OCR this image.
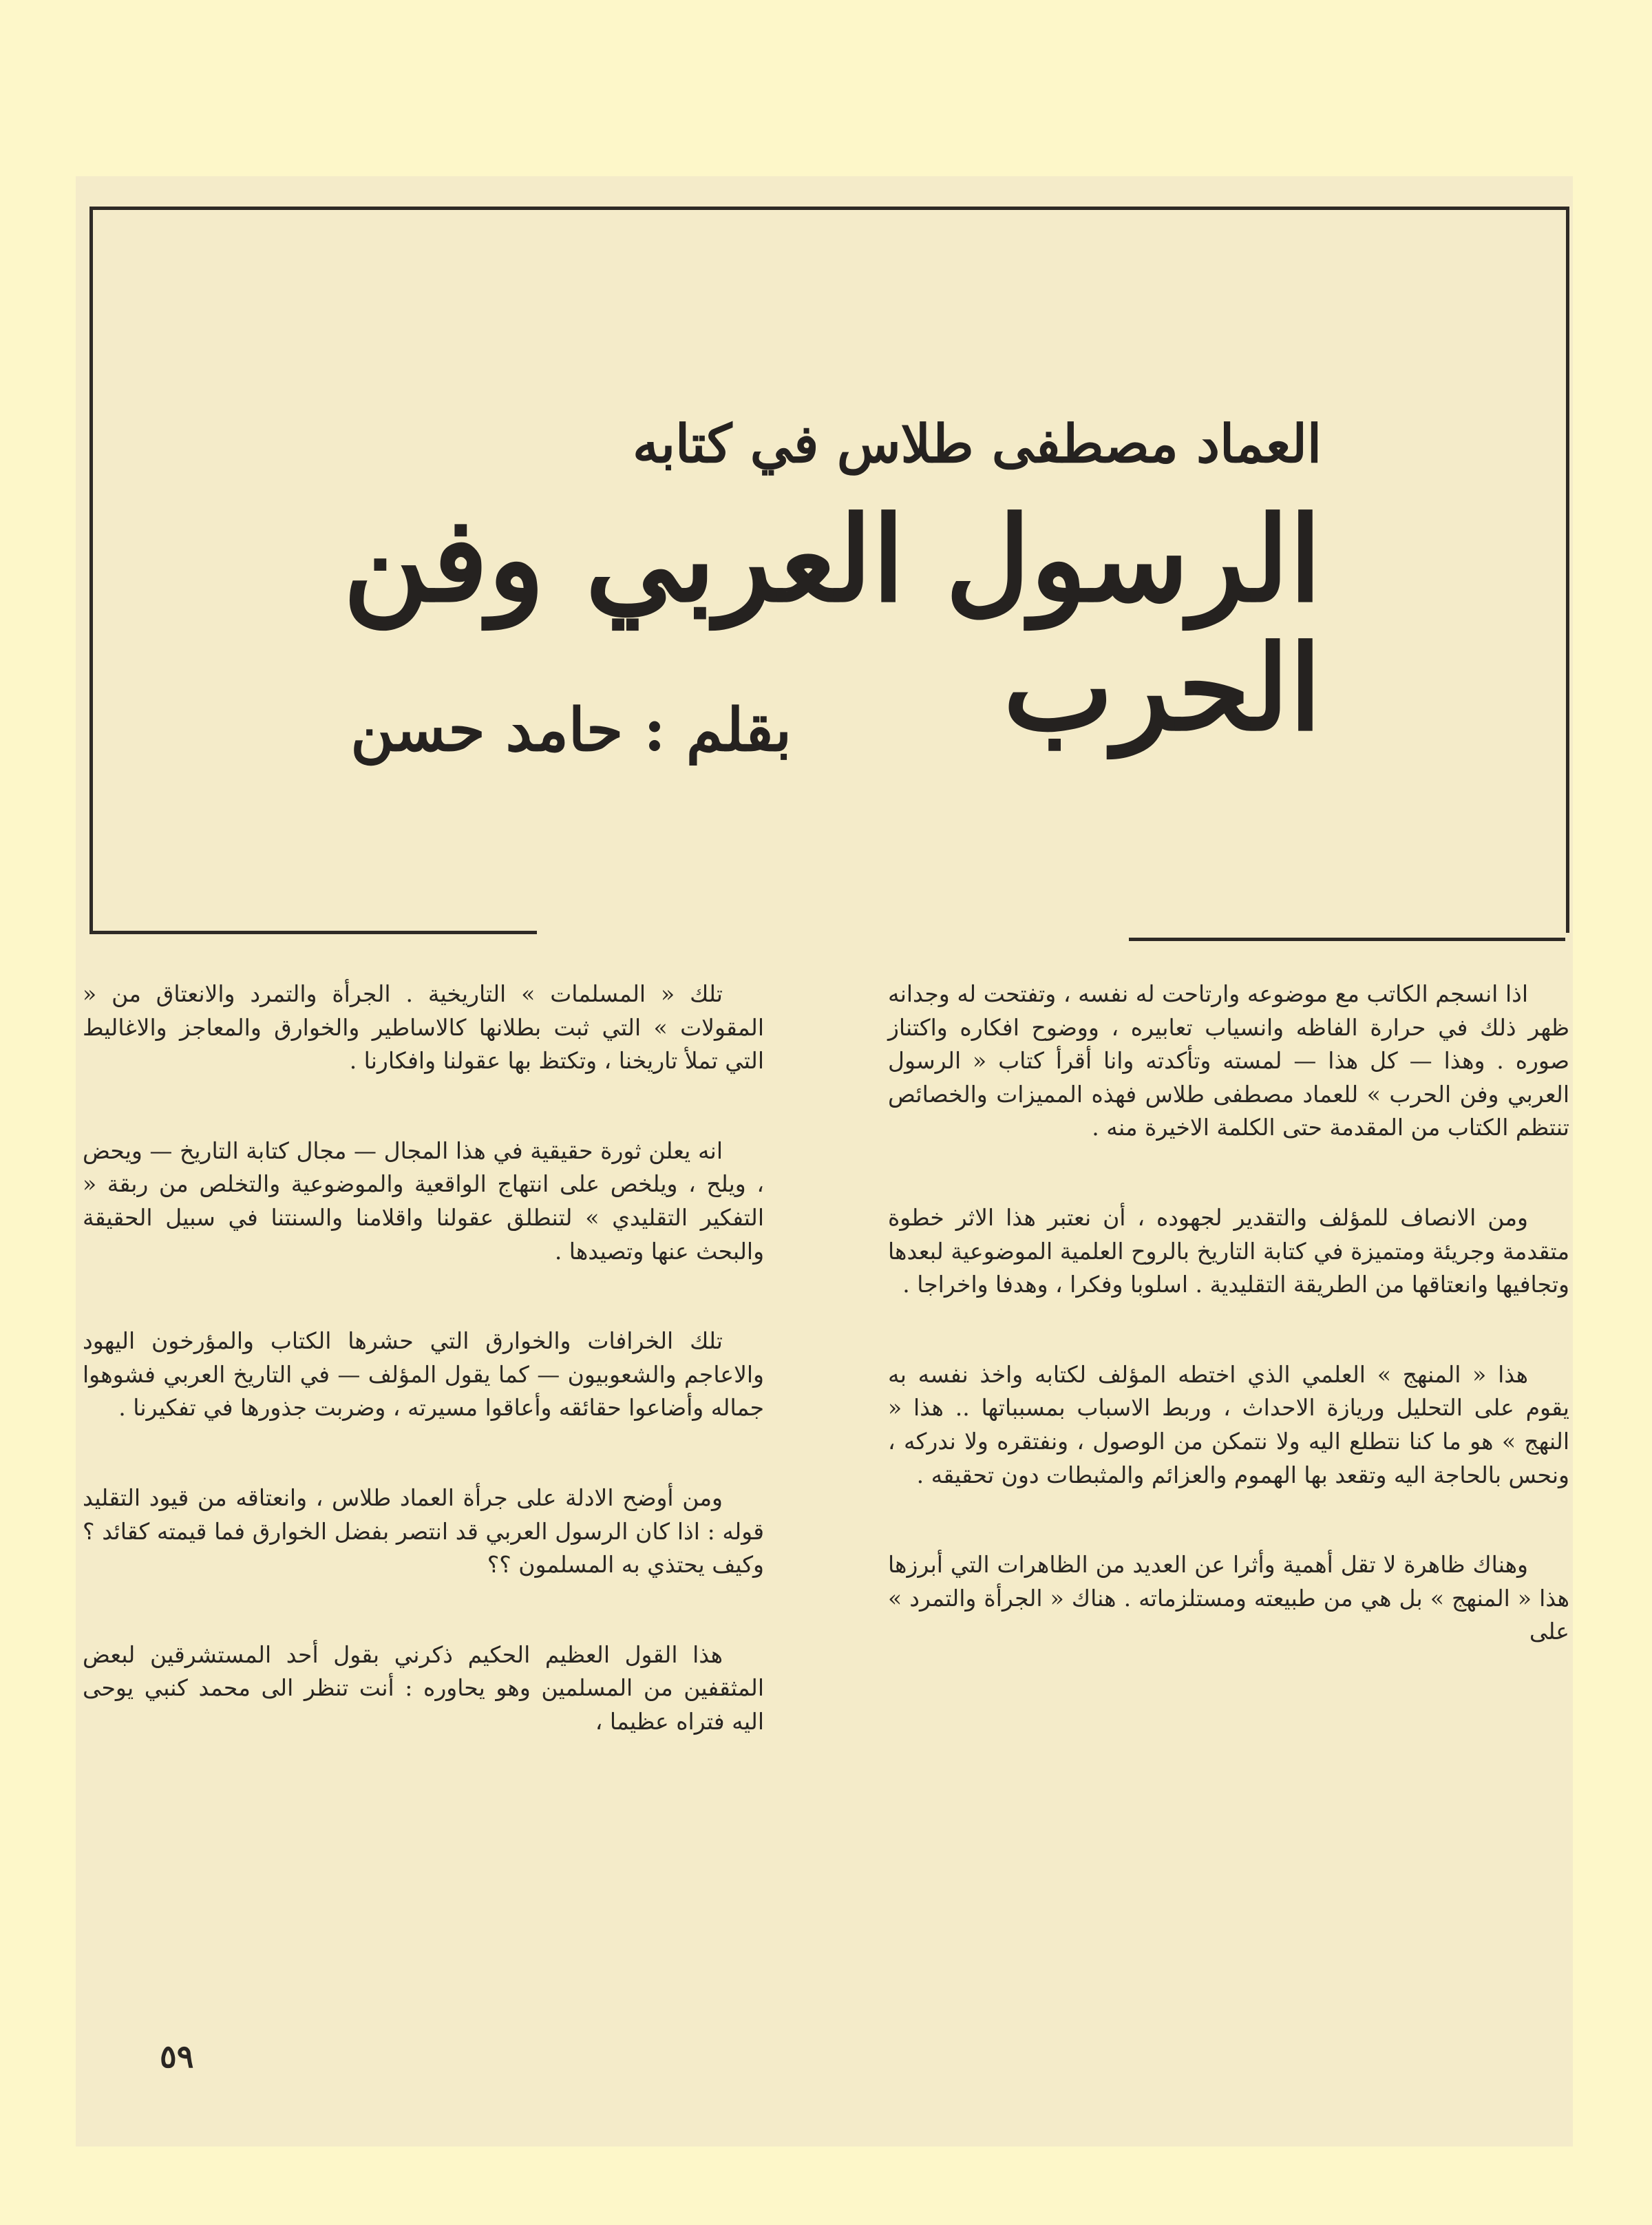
العماد مصطفى طلاس في كتابه
الرسول العربي وفن الحرب
بقلم : حامد حسن

اذا انسجم الكاتب مع موضوعه وارتاحت له نفسه ، وتفتحت له وجدانه ظهر ذلك في حرارة الفاظه وانسياب تعابيره ، ووضوح افكاره واكتناز صوره . وهذا — كل هذا — لمسته وتأكدته وانا أقرأ كتاب « الرسول العربي وفن الحرب » للعماد مصطفى طلاس فهذه المميزات والخصائص تنتظم الكتاب من المقدمة حتى الكلمة الاخيرة منه .

ومن الانصاف للمؤلف والتقدير لجهوده ، أن نعتبر هذا الاثر خطوة متقدمة وجريئة ومتميزة في كتابة التاريخ بالروح العلمية الموضوعية لبعدها وتجافيها وانعتاقها من الطريقة التقليدية . اسلوبا وفكرا ، وهدفا واخراجا .

هذا « المنهج » العلمي الذي اختطه المؤلف لكتابه واخذ نفسه به يقوم على التحليل وريازة الاحداث ، وربط الاسباب بمسبباتها .. هذا « النهج » هو ما كنا نتطلع اليه ولا نتمكن من الوصول ، ونفتقره ولا ندركه ، ونحس بالحاجة اليه وتقعد بها الهموم والعزائم والمثبطات دون تحقيقه .

وهناك ظاهرة لا تقل أهمية وأثرا عن العديد من الظاهرات التي أبرزها هذا « المنهج » بل هي من طبيعته ومستلزماته . هناك « الجرأة والتمرد » على

تلك « المسلمات » التاريخية . الجرأة والتمرد والانعتاق من « المقولات » التي ثبت بطلانها كالاساطير والخوارق والمعاجز والاغاليط التي تملأ تاريخنا ، وتكتظ بها عقولنا وافكارنا .

انه يعلن ثورة حقيقية في هذا المجال — مجال كتابة التاريخ — ويحض ، ويلح ، ويلخص على انتهاج الواقعية والموضوعية والتخلص من ربقة « التفكير التقليدي » لتنطلق عقولنا واقلامنا والسنتنا في سبيل الحقيقة والبحث عنها وتصيدها .

تلك الخرافات والخوارق التي حشرها الكتاب والمؤرخون اليهود والاعاجم والشعوبيون — كما يقول المؤلف — في التاريخ العربي فشوهوا جماله وأضاعوا حقائقه وأعاقوا مسيرته ، وضربت جذورها في تفكيرنا .

ومن أوضح الادلة على جرأة العماد طلاس ، وانعتاقه من قيود التقليد قوله : اذا كان الرسول العربي قد انتصر بفضل الخوارق فما قيمته كقائد ؟ وكيف يحتذي به المسلمون ؟؟

هذا القول العظيم الحكيم ذكرني بقول أحد المستشرقين لبعض المثقفين من المسلمين وهو يحاوره : أنت تنظر الى محمد كنبي يوحى اليه فتراه عظيما ،

٥٩
